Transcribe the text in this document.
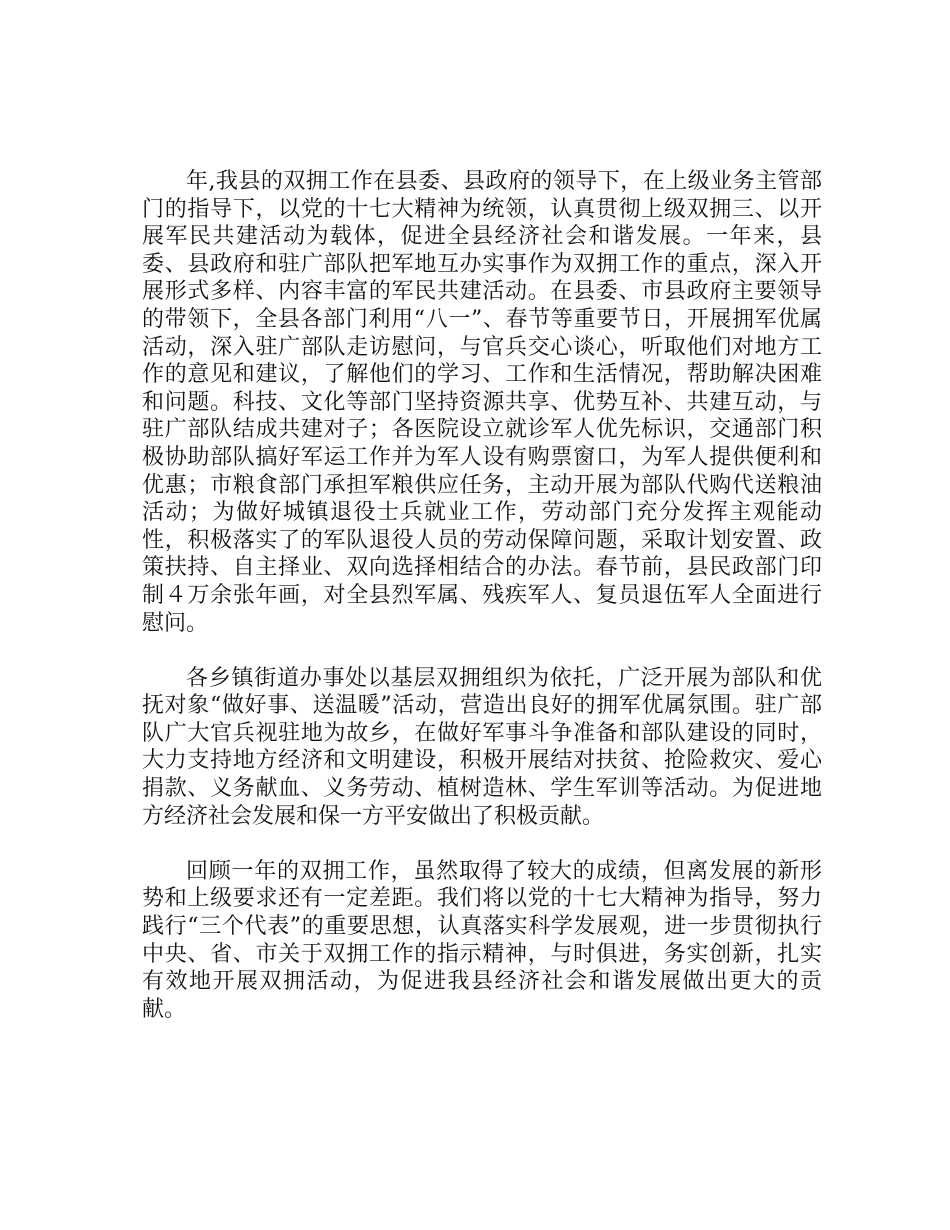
年,我县的双拥工作在县委、县政府的领导下，在上级业务主管部门的指导下，以党的十七大精神为统领，认真贯彻上级双拥三、以开展军民共建活动为载体，促进全县经济社会和谐发展。一年来，县委、县政府和驻广部队把军地互办实事作为双拥工作的重点，深入开展形式多样、内容丰富的军民共建活动。在县委、市县政府主要领导的带领下，全县各部门利用“八一”、春节等重要节日，开展拥军优属活动，深入驻广部队走访慰问，与官兵交心谈心，听取他们对地方工作的意见和建议，了解他们的学习、工作和生活情况，帮助解决困难和问题。科技、文化等部门坚持资源共享、优势互补、共建互动，与驻广部队结成共建对子；各医院设立就诊军人优先标识，交通部门积极协助部队搞好军运工作并为军人设有购票窗口，为军人提供便利和优惠；市粮食部门承担军粮供应任务，主动开展为部队代购代送粮油活动；为做好城镇退役士兵就业工作，劳动部门充分发挥主观能动性，积极落实了的军队退役人员的劳动保障问题，采取计划安置、政策扶持、自主择业、双向选择相结合的办法。春节前，县民政部门印制４万余张年画，对全县烈军属、残疾军人、复员退伍军人全面进行慰问。

各乡镇街道办事处以基层双拥组织为依托，广泛开展为部队和优抚对象“做好事、送温暖”活动，营造出良好的拥军优属氛围。驻广部队广大官兵视驻地为故乡，在做好军事斗争准备和部队建设的同时，大力支持地方经济和文明建设，积极开展结对扶贫、抢险救灾、爱心捐款、义务献血、义务劳动、植树造林、学生军训等活动。为促进地方经济社会发展和保一方平安做出了积极贡献。

回顾一年的双拥工作，虽然取得了较大的成绩，但离发展的新形势和上级要求还有一定差距。我们将以党的十七大精神为指导，努力践行“三个代表”的重要思想，认真落实科学发展观，进一步贯彻执行中央、省、市关于双拥工作的指示精神，与时俱进，务实创新，扎实有效地开展双拥活动，为促进我县经济社会和谐发展做出更大的贡献。
